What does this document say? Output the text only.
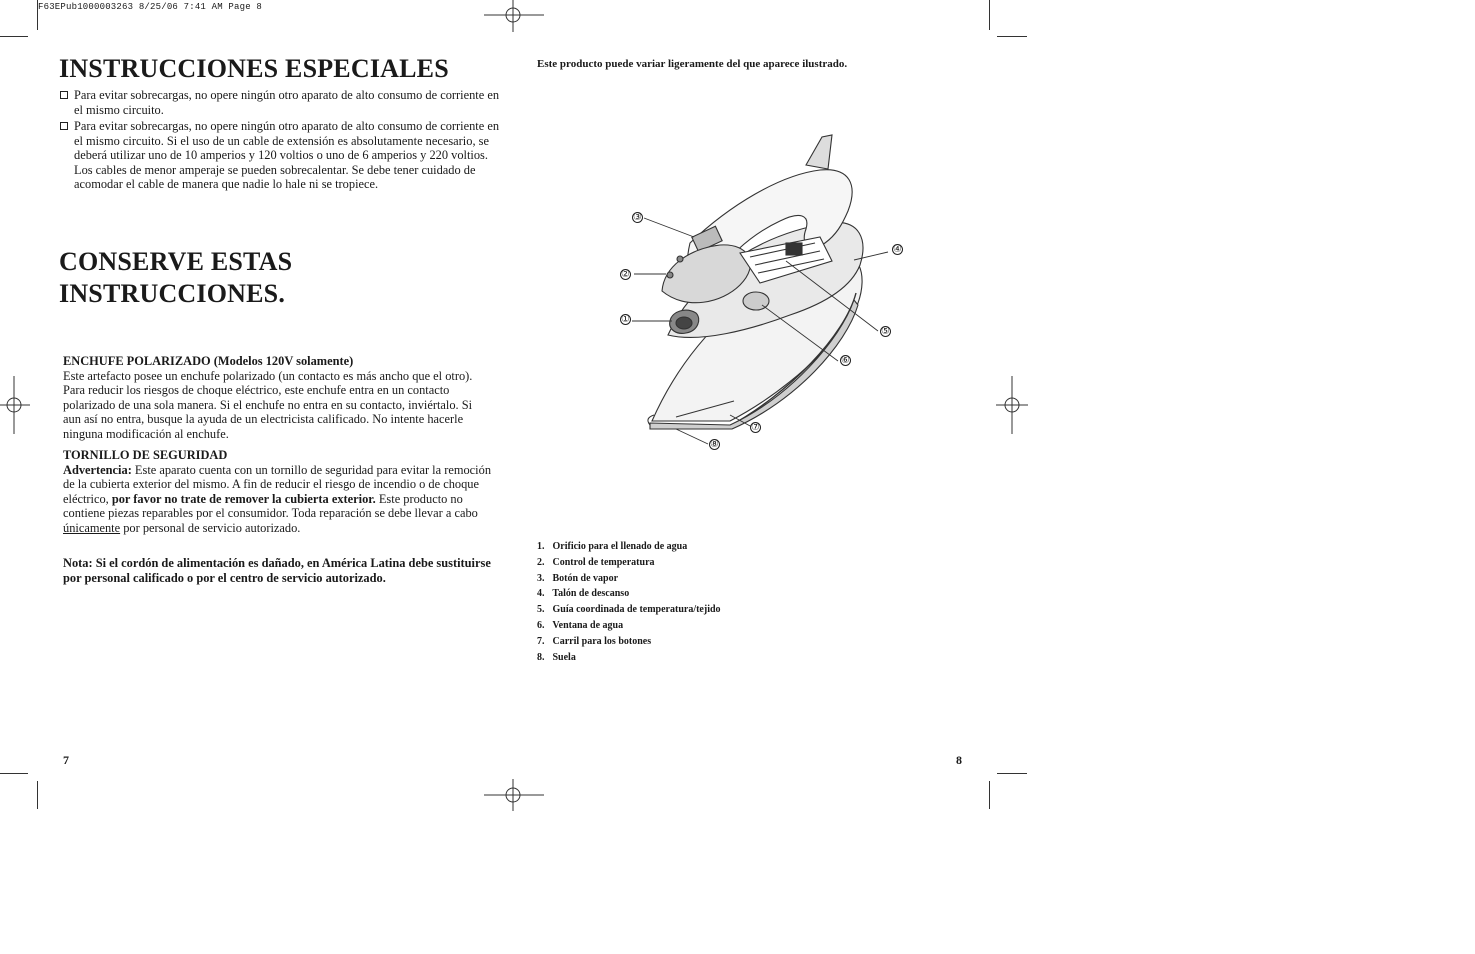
F63EPub1000003263 8/25/06 7:41 AM Page 8
INSTRUCCIONES ESPECIALES
Para evitar sobrecargas, no opere ningún otro aparato de alto consumo de corriente en el mismo circuito.
Para evitar sobrecargas, no opere ningún otro aparato de alto consumo de corriente en el mismo circuito. Si el uso de un cable de extensión es absolutamente necesario, se deberá utilizar uno de 10 amperios y 120 voltios o uno de 6 amperios y 220 voltios. Los cables de menor amperaje se pueden sobrecalentar. Se debe tener cuidado de acomodar el cable de manera que nadie lo hale ni se tropiece.
CONSERVE ESTAS
INSTRUCCIONES.

ENCHUFE POLARIZADO (Modelos 120V solamente)

Este artefacto posee un enchufe polarizado (un contacto es más ancho que el otro). Para reducir los riesgos de choque eléctrico, este enchufe entra en un contacto polarizado de una sola manera. Si el enchufe no entra en su contacto, inviértalo. Si aun así no entra, busque la ayuda de un electricista calificado. No intente hacerle ninguna modificación al enchufe.

TORNILLO DE SEGURIDAD

Advertencia: Este aparato cuenta con un tornillo de seguridad para evitar la remoción de la cubierta exterior del mismo. A fin de reducir el riesgo de incendio o de choque eléctrico, por favor no trate de remover la cubierta exterior. Este producto no contiene piezas reparables por el consumidor. Toda reparación se debe llevar a cabo únicamente por personal de servicio autorizado.

Nota: Si el cordón de alimentación es dañado, en América Latina debe sustituirse por personal calificado o por el centro de servicio autorizado.

7
Este producto puede variar ligeramente del que aparece ilustrado.
①
②
③
④
⑤
⑥
⑦
⑧
1. Orificio para el llenado de agua
2. Control de temperatura
3. Botón de vapor
4. Talón de descanso
5. Guía coordinada de temperatura/tejido
6. Ventana de agua
7. Carril para los botones
8. Suela
8
